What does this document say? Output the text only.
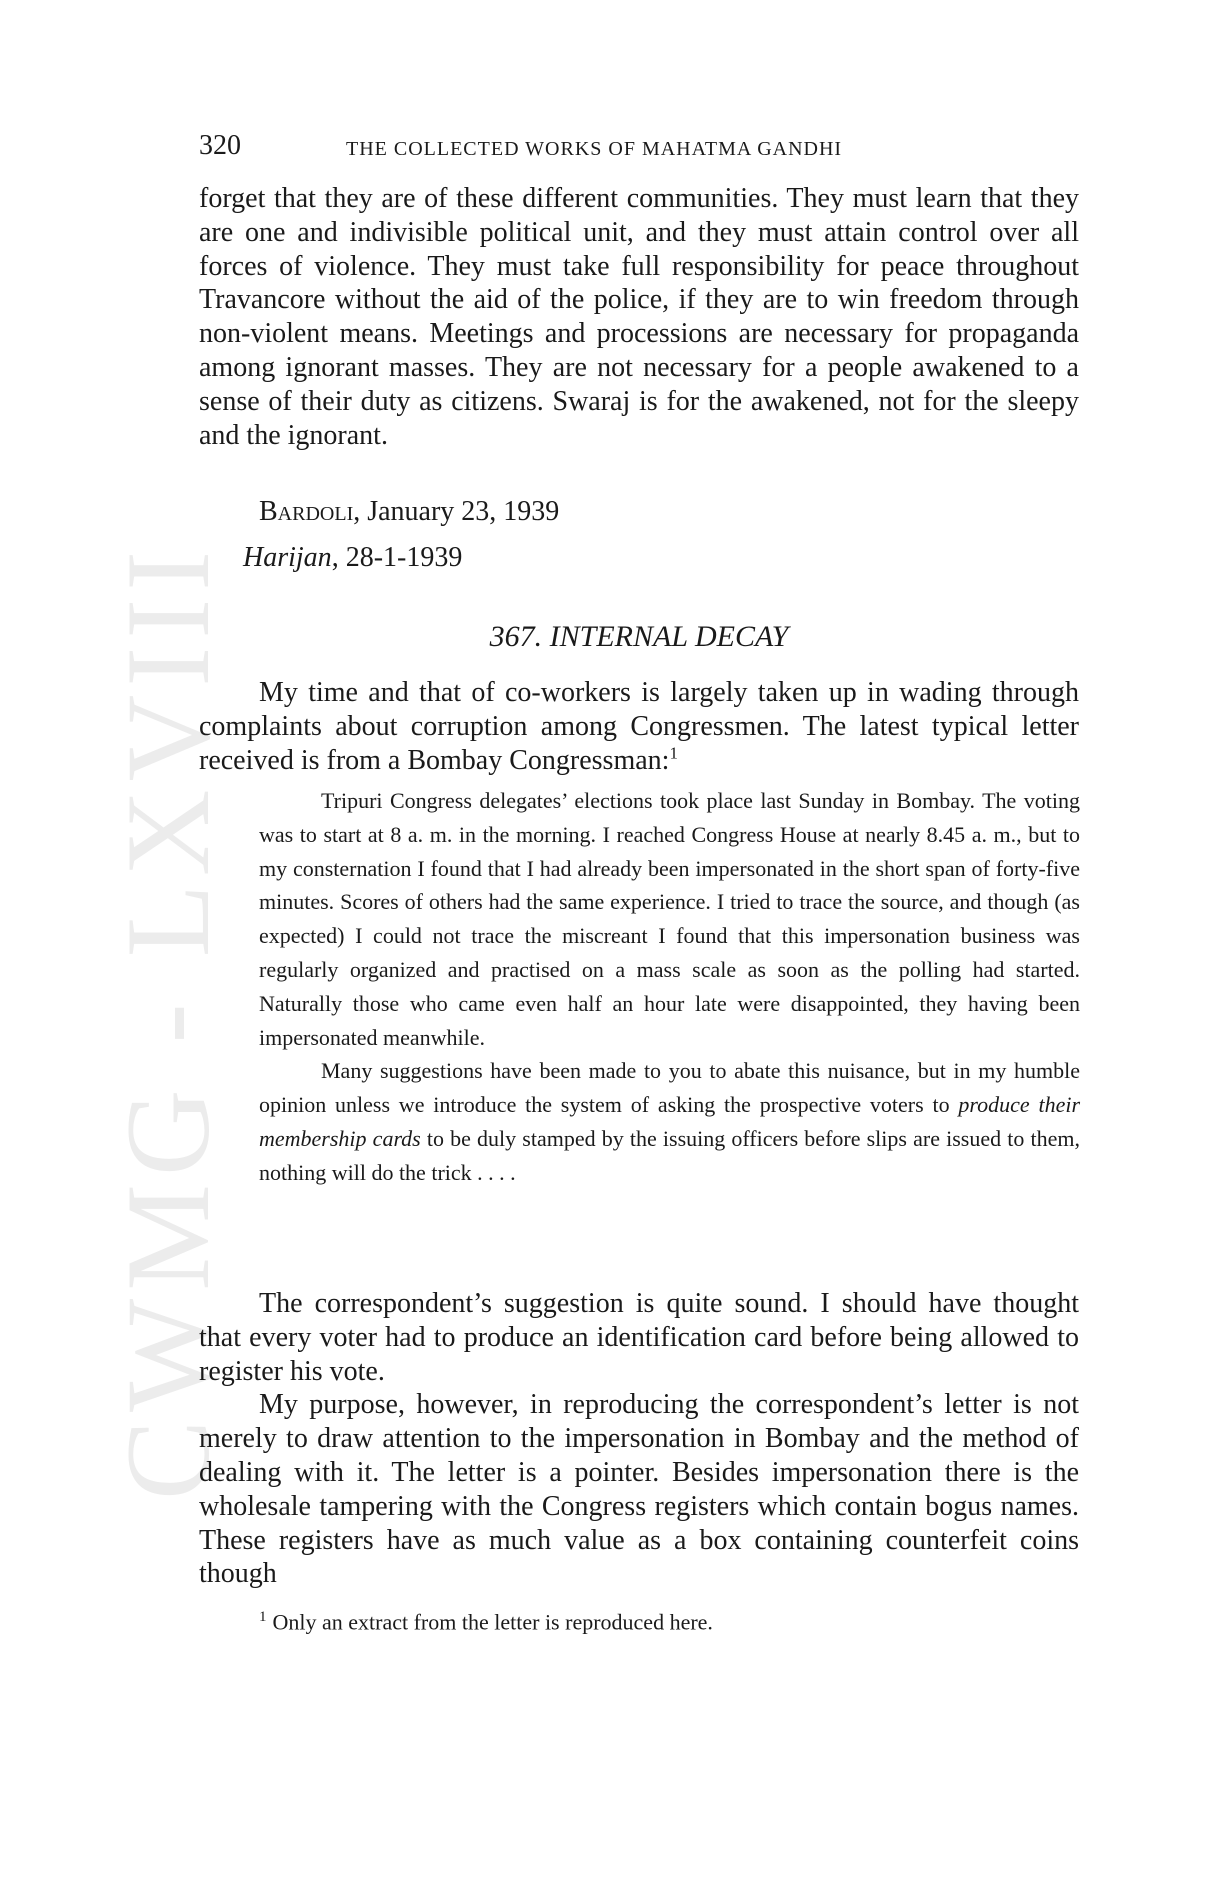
CWMG - LXVIII
320	THE COLLECTED WORKS OF MAHATMA GANDHI

forget that they are of these different communities. They must learn that they are one and indivisible political unit, and they must attain control over all forces of violence. They must take full responsibility for peace throughout Travancore without the aid of the police, if they are to win freedom through non-violent means. Meetings and processions are necessary for propaganda among ignorant masses. They are not necessary for a people awakened to a sense of their duty as citizens. Swaraj is for the awakened, not for the sleepy and the ignorant.

Bardoli, January 23, 1939
Harijan, 28-1-1939
367. INTERNAL DECAY

My time and that of co-workers is largely taken up in wading through complaints about corruption among Congressmen. The latest typical letter received is from a Bombay Congressman:$^1$

Tripuri Congress delegates’ elections took place last Sunday in Bombay. The voting was to start at 8 a. m. in the morning. I reached Congress House at nearly 8.45 a. m., but to my consternation I found that I had already been impersonated in the short span of forty-five minutes. Scores of others had the same experience. I tried to trace the source, and though (as expected) I could not trace the miscreant I found that this impersonation business was regularly organized and practised on a mass scale as soon as the polling had started. Naturally those who came even half an hour late were disappointed, they having been impersonated meanwhile.

Many suggestions have been made to you to abate this nuisance, but in my humble opinion unless we introduce the system of asking the prospective voters to produce their membership cards to be duly stamped by the issuing officers before slips are issued to them, nothing will do the trick . . . .

The correspondent’s suggestion is quite sound. I should have thought that every voter had to produce an identification card before being allowed to register his vote.

My purpose, however, in reproducing the correspondent’s letter is not merely to draw attention to the impersonation in Bombay and the method of dealing with it. The letter is a pointer. Besides impersonation there is the wholesale tampering with the Congress registers which contain bogus names. These registers have as much value as a box containing counterfeit coins though

$^1$ Only an extract from the letter is reproduced here.
